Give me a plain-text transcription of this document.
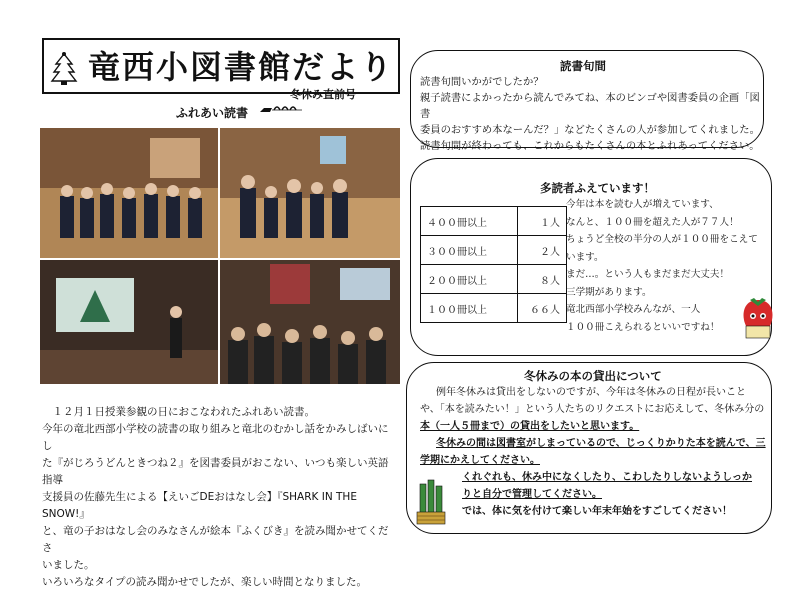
竜西小図書館だより
冬休み直前号
ふれあい読書

　１２月１日授業参観の日におこなわれたふれあい読書。

今年の竜北西部小学校の読書の取り組みと竜北のむかし話をかみしばいにし

た『がじろうどんときつね２』を図書委員がおこない、いつも楽しい英語指導

支援員の佐藤先生による【えいごDEおはなし会】『SHARK IN THE SNOW!』

と、竜の子おはなし会のみなさんが絵本『ふくびき』を読み聞かせてくださ

いました。

いろいろなタイプの読み聞かせでしたが、楽しい時間となりました。

読書旬間

読書旬間いかがでしたか？

親子読書によかったから読んでみてね、本のビンゴや図書委員の企画「図書

委員のおすすめ本なーんだ？」などたくさんの人が参加してくれました。

読書旬間が終わっても、これからもたくさんの本とふれあってください。

多読者ふえています！
４００冊以上	１人
３００冊以上	２人
２００冊以上	８人
１００冊以上	６６人

今年は本を読む人が増えています、

なんと、１００冊を超えた人が７７人！

ちょうど全校の半分の人が１００冊をこえて

います。

まだ…。という人もまだまだ大丈夫！

三学期があります。

竜北西部小学校みんなが、一人

１００冊こえられるといいですね！

冬休みの本の貸出について

例年冬休みは貸出をしないのですが、今年は冬休みの日程が長いこと

や、「本を読みたい！」という人たちのリクエストにお応えして、冬休み分の

本（一人５冊まで）の貸出をしたいと思います。

冬休みの間は図書室がしまっているので、じっくりかりた本を読んで、三

学期にかえしてください。

くれぐれも、休み中になくしたり、こわしたりしないようしっか

りと自分で管理してください。

では、体に気を付けて楽しい年末年始をすごしてください！
